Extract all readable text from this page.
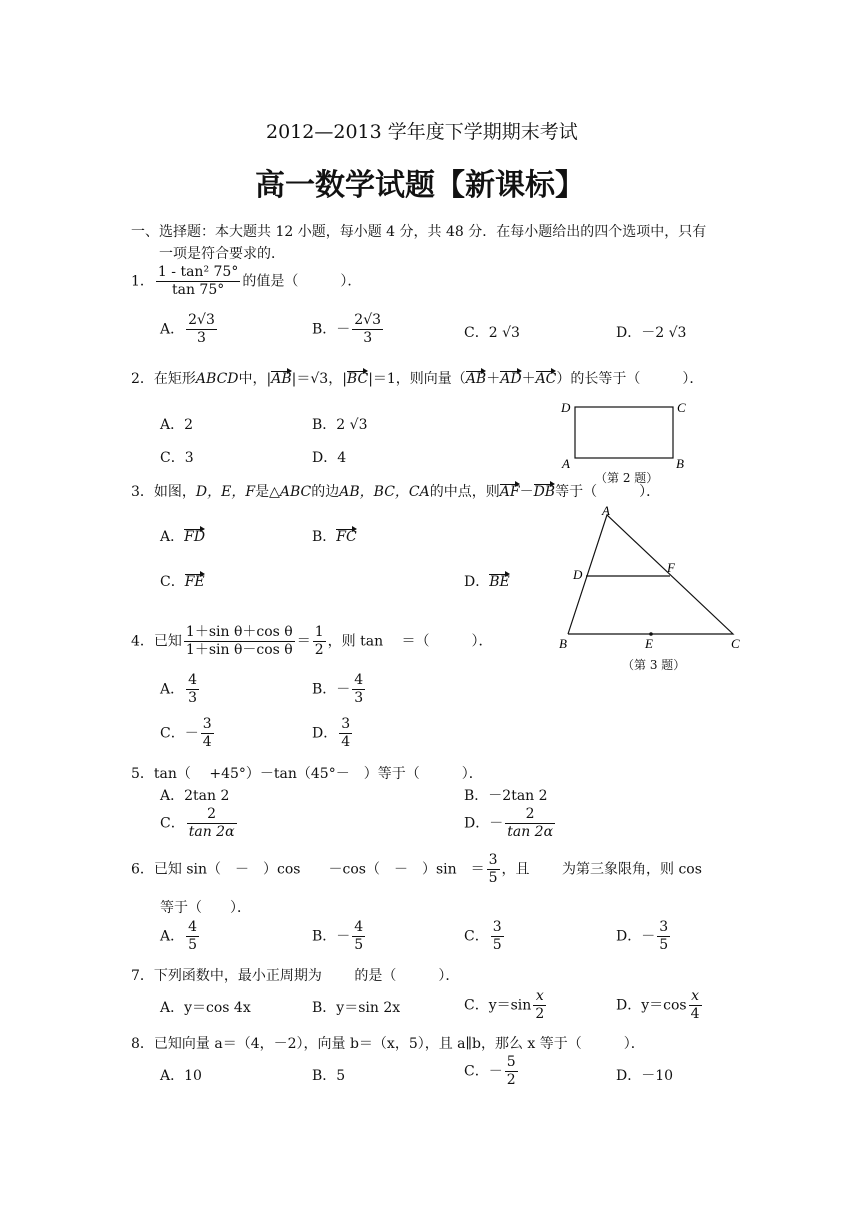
2012—2013 学年度下学期期末考试
高一数学试题【新课标】
一、选择题：本大题共 12 小题，每小题 4 分，共 48 分．在每小题给出的四个选项中，只有
一项是符合要求的．
1． $\frac{\text{1 - tan² 75°}}{\tan 75^\circ}$ 的值是（　　　）．
A． $\frac{2√3}{3}$	B．－ $\frac{2√3}{3}$	C．2 √3	D．－2 √3
2．在矩形ABCD中，|AB|＝√3，|BC|＝1，则向量（AB＋AD＋AC）的长等于（　　　）．
A．2	B．2 √3
C．3	D．4
D	C
A	B
（第 2 题）
3．如图，D，E，F是△ABC的边AB，BC，CA的中点，则AF－DB等于（　　　）．
A．FD	B．FC
C．FE	D．BE
A
D	F
B	E	C
（第 3 题）
4．已知 $\frac{\text{1＋sin θ＋cos θ}}{\text{1＋sin θ－cos θ}} = \frac{1}{2}$ ，则 tan　 ＝（　　　）．
A． $\frac{4}{3}$	B．－ $\frac{4}{3}$
C．－ $\frac{3}{4}$	D． $\frac{3}{4}$
5．tan（　 +45°）－tan（45°－　）等于（　　　）．
A．2tan 2	B．－2tan 2
C． $\frac{2}{\tan 2\alpha}$	D．－ $\frac{2}{\tan 2\alpha}$
6．已知 sin（　－　）cos　　－cos（　－　）sin　＝ $\frac{3}{5}$ ，且　　 为第三象限角，则 cos
等于（　　）．
A． $\frac{4}{5}$	B．－ $\frac{4}{5}$	C． $\frac{3}{5}$	D．－ $\frac{3}{5}$
7．下列函数中，最小正周期为　　 的是（　　　）．
A．y＝cos 4x	B．y＝sin 2x	C．$y=\sin \frac{x}{2}$	D．$y=\cos \frac{x}{4}$
8．已知向量 a＝（4，－2），向量 b＝（x，5），且 a∥b，那么 x 等于（　　　）．
A．10	B．5	C．－ $\frac{5}{2}$	D．－10
